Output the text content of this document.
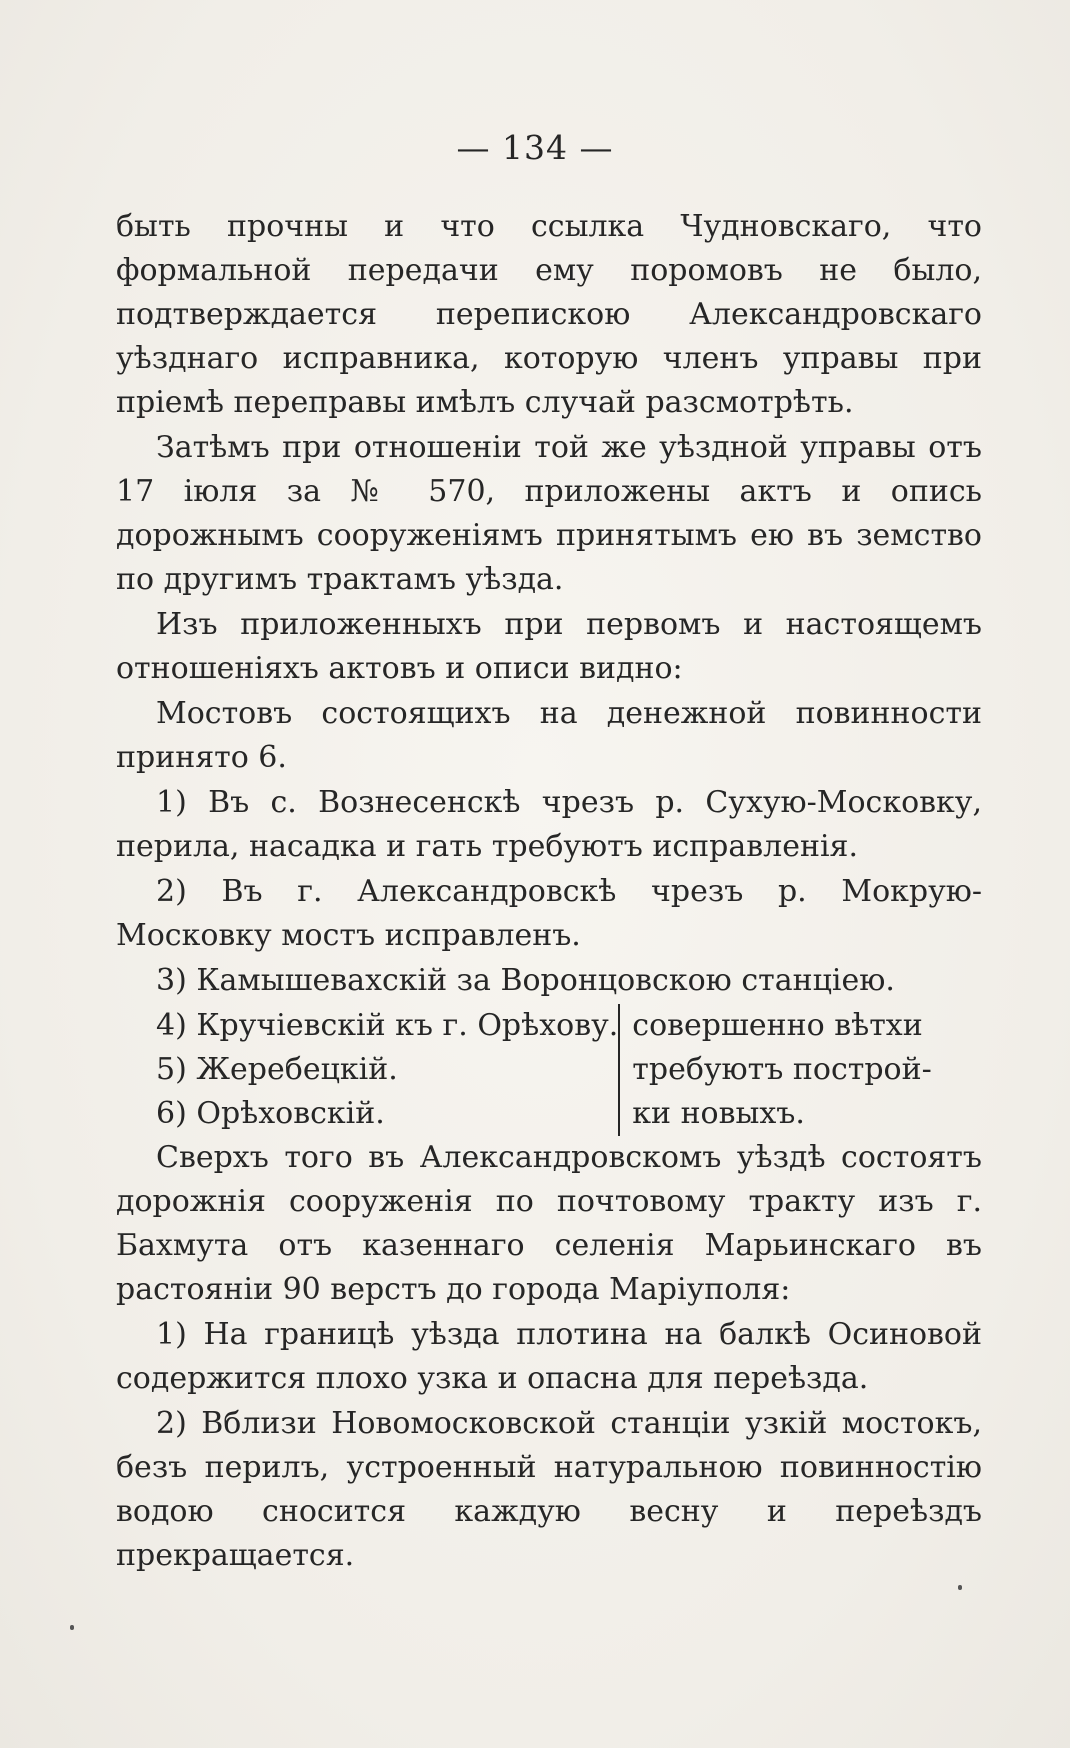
— 134 —

быть прочны и что ссылка Чудновскаго, что формальной передачи ему поромовъ не было, подтверждается перепискою Александровскаго уѣзднаго исправника, которую членъ управы при прiемѣ переправы имѣлъ случай разсмотрѣть.

Затѣмъ при отношенiи той же уѣздной управы отъ 17 iюля за № 570, приложены актъ и опись дорожнымъ сооруженiямъ принятымъ ею въ земство по другимъ трактамъ уѣзда.

Изъ приложенныхъ при первомъ и настоящемъ отношенiяхъ актовъ и описи видно:

Мостовъ состоящихъ на денежной повинности принято 6.

1) Въ с. Вознесенскѣ чрезъ р. Сухую-Московку, перила, насадка и гать требуютъ исправленiя.

2) Въ г. Александровскѣ чрезъ р. Мокрую-Московку мостъ исправленъ.

3) Камышевахскiй за Воронцовскою станцiею.

4) Кручiевскiй къ г. Орѣхову.	совершенно вѣтхи
требуютъ построй-
ки новыхъ.

5) Жеребецкiй.
6) Орѣховскiй.

Сверхъ того въ Александровскомъ уѣздѣ состоятъ дорожнiя сооруженiя по почтовому тракту изъ г. Бахмута отъ казеннаго селенiя Марьинскаго въ растоянiи 90 верстъ до города Марiуполя:

1) На границѣ уѣзда плотина на балкѣ Осиновой содержится плохо узка и опасна для переѣзда.

2) Вблизи Новомосковской станцiи узкiй мостокъ, безъ перилъ, устроенный натуральною повинностiю водою сносится каждую весну и переѣздъ прекращается.
